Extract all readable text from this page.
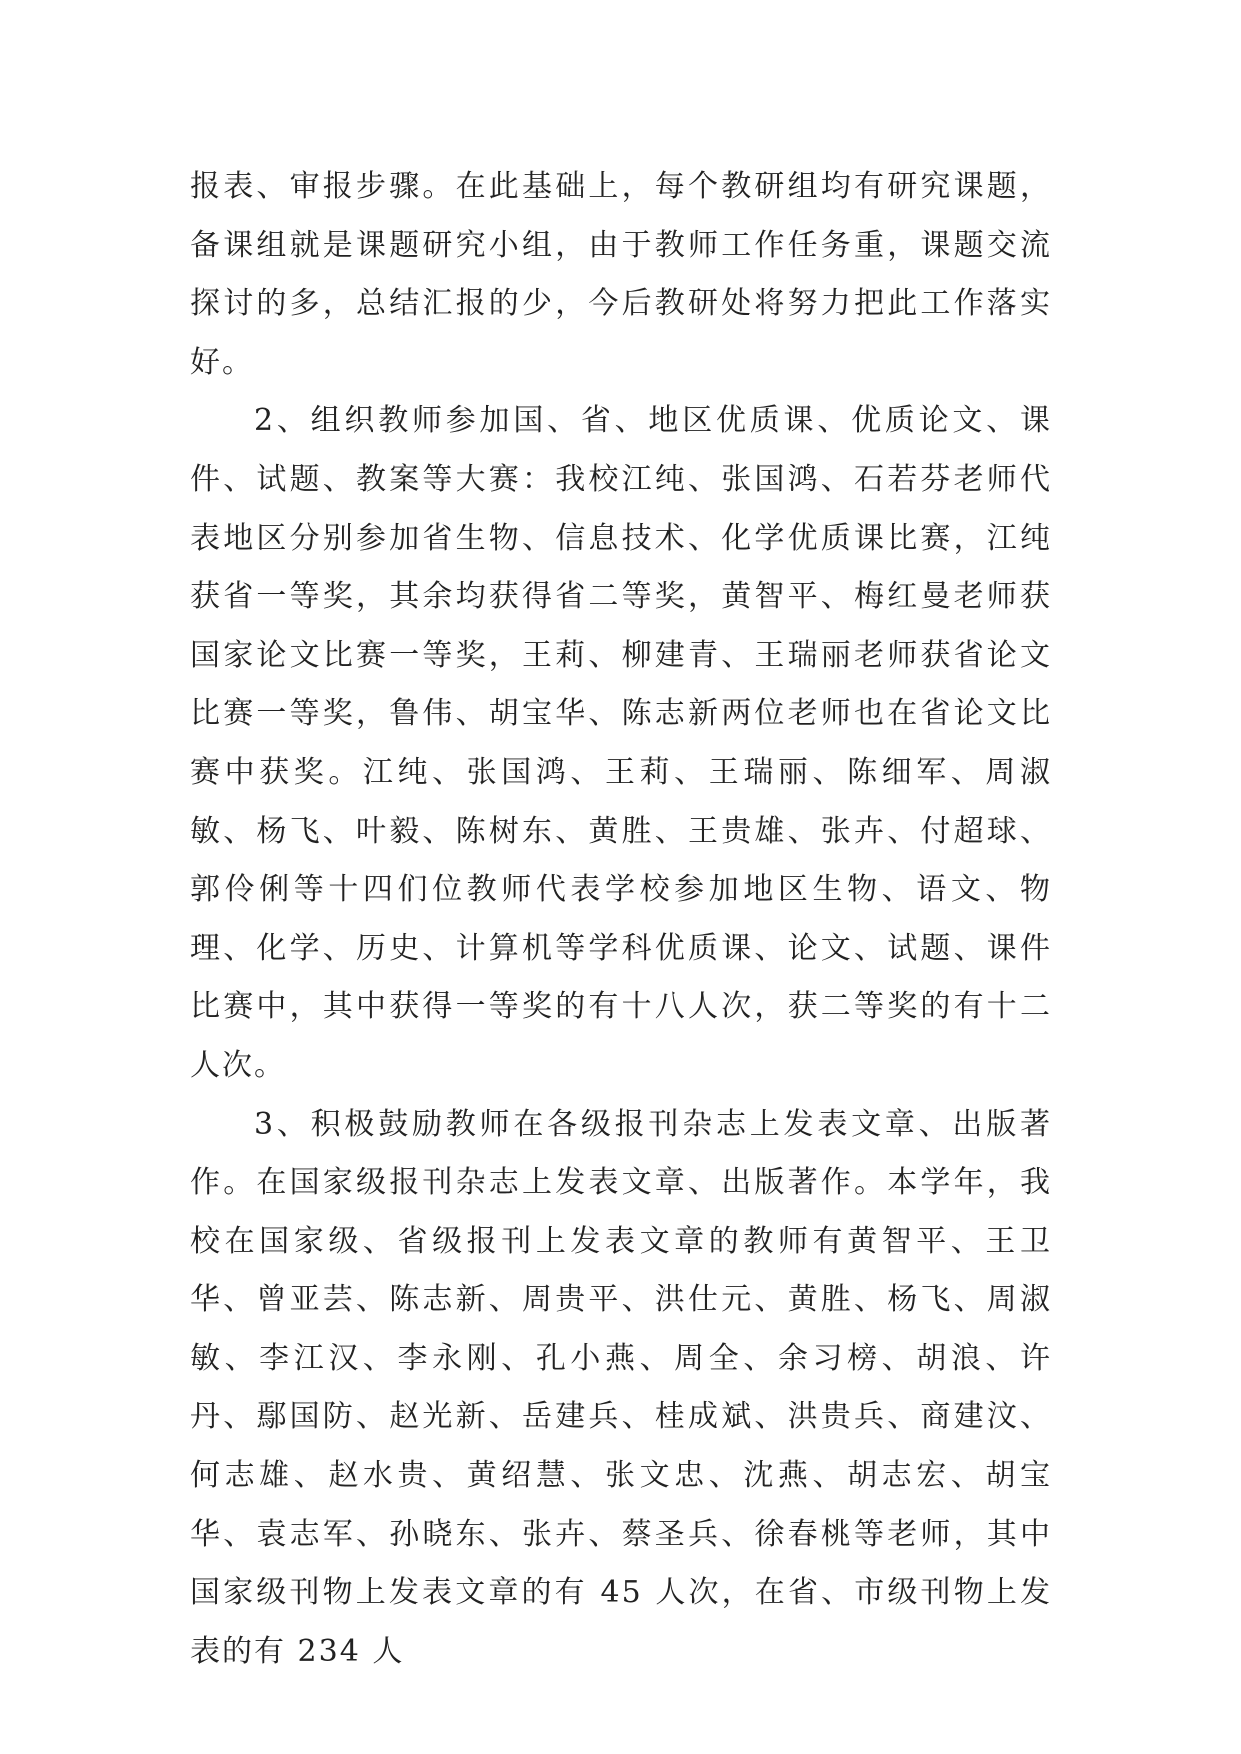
报表、审报步骤。在此基础上，每个教研组均有研究课题，备课组就是课题研究小组，由于教师工作任务重，课题交流探讨的多，总结汇报的少，今后教研处将努力把此工作落实好。

2、组织教师参加国、省、地区优质课、优质论文、课件、试题、教案等大赛：我校江纯、张国鸿、石若芬老师代表地区分别参加省生物、信息技术、化学优质课比赛，江纯获省一等奖，其余均获得省二等奖，黄智平、梅红曼老师获国家论文比赛一等奖，王莉、柳建青、王瑞丽老师获省论文比赛一等奖，鲁伟、胡宝华、陈志新两位老师也在省论文比赛中获奖。江纯、张国鸿、王莉、王瑞丽、陈细军、周淑敏、杨飞、叶毅、陈树东、黄胜、王贵雄、张卉、付超球、郭伶俐等十四们位教师代表学校参加地区生物、语文、物理、化学、历史、计算机等学科优质课、论文、试题、课件比赛中，其中获得一等奖的有十八人次，获二等奖的有十二人次。

3、积极鼓励教师在各级报刊杂志上发表文章、出版著作。在国家级报刊杂志上发表文章、出版著作。本学年，我校在国家级、省级报刊上发表文章的教师有黄智平、王卫华、曾亚芸、陈志新、周贵平、洪仕元、黄胜、杨飞、周淑敏、李江汉、李永刚、孔小燕、周全、余习榜、胡浪、许丹、鄢国防、赵光新、岳建兵、桂成斌、洪贵兵、商建汶、何志雄、赵水贵、黄绍慧、张文忠、沈燕、胡志宏、胡宝华、袁志军、孙晓东、张卉、蔡圣兵、徐春桃等老师，其中国家级刊物上发表文章的有 45 人次，在省、市级刊物上发表的有 234 人
